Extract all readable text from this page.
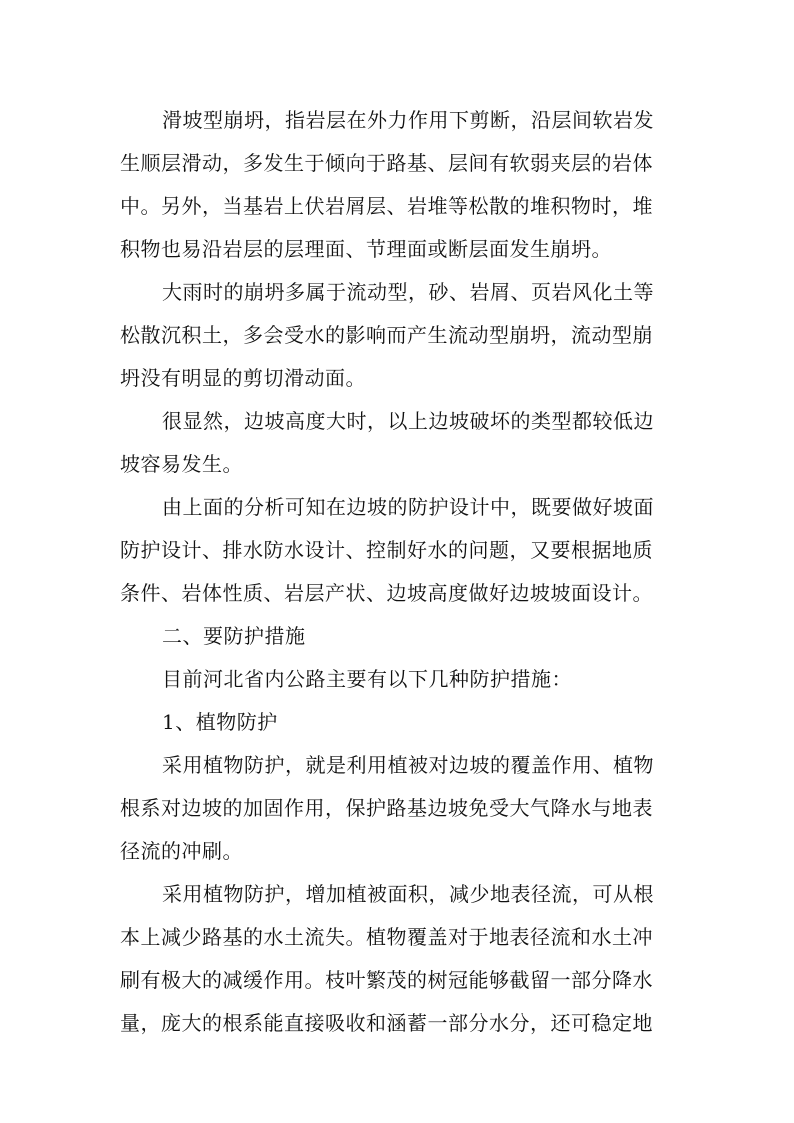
滑坡型崩坍，指岩层在外力作用下剪断，沿层间软岩发
生顺层滑动，多发生于倾向于路基、层间有软弱夹层的岩体
中。另外，当基岩上伏岩屑层、岩堆等松散的堆积物时，堆
积物也易沿岩层的层理面、节理面或断层面发生崩坍。
大雨时的崩坍多属于流动型，砂、岩屑、页岩风化土等
松散沉积土，多会受水的影响而产生流动型崩坍，流动型崩
坍没有明显的剪切滑动面。
很显然，边坡高度大时，以上边坡破坏的类型都较低边
坡容易发生。
由上面的分析可知在边坡的防护设计中，既要做好坡面
防护设计、排水防水设计、控制好水的问题，又要根据地质
条件、岩体性质、岩层产状、边坡高度做好边坡坡面设计。
二、要防护措施
目前河北省内公路主要有以下几种防护措施：
1、植物防护
采用植物防护，就是利用植被对边坡的覆盖作用、植物
根系对边坡的加固作用，保护路基边坡免受大气降水与地表
径流的冲刷。
采用植物防护，增加植被面积，减少地表径流，可从根
本上减少路基的水土流失。植物覆盖对于地表径流和水土冲
刷有极大的减缓作用。枝叶繁茂的树冠能够截留一部分降水
量，庞大的根系能直接吸收和涵蓄一部分水分，还可稳定地
